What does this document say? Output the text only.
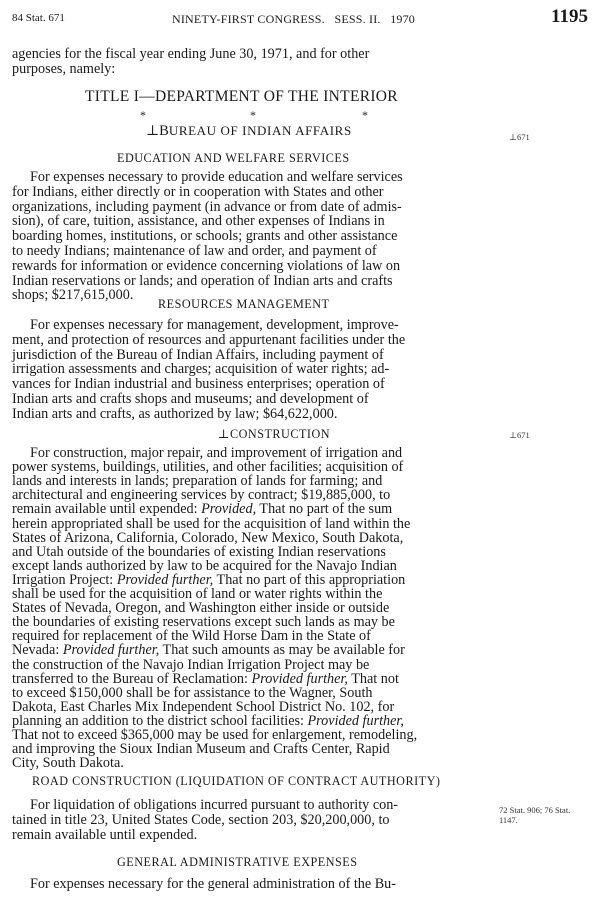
84 Stat. 671	NINETY-FIRST CONGRESS.   SESS. II.   1970	1195
agencies for the fiscal year ending June 30, 1971, and for other
purposes, namely:
TITLE I—DEPARTMENT OF THE INTERIOR
*	*	*
⊥BUREAU OF INDIAN AFFAIRS	⊥671
EDUCATION AND WELFARE SERVICES
For expenses necessary to provide education and welfare services
for Indians, either directly or in cooperation with States and other
organizations, including payment (in advance or from date of admis-
sion), of care, tuition, assistance, and other expenses of Indians in
boarding homes, institutions, or schools; grants and other assistance
to needy Indians; maintenance of law and order, and payment of
rewards for information or evidence concerning violations of law on
Indian reservations or lands; and operation of Indian arts and crafts
shops; $217,615,000.
RESOURCES MANAGEMENT
For expenses necessary for management, development, improve-
ment, and protection of resources and appurtenant facilities under the
jurisdiction of the Bureau of Indian Affairs, including payment of
irrigation assessments and charges; acquisition of water rights; ad-
vances for Indian industrial and business enterprises; operation of
Indian arts and crafts shops and museums; and development of
Indian arts and crafts, as authorized by law; $64,622,000.
⊥CONSTRUCTION	⊥671
For construction, major repair, and improvement of irrigation and
power systems, buildings, utilities, and other facilities; acquisition of
lands and interests in lands; preparation of lands for farming; and
architectural and engineering services by contract; $19,885,000, to
remain available until expended: Provided, That no part of the sum
herein appropriated shall be used for the acquisition of land within the
States of Arizona, California, Colorado, New Mexico, South Dakota,
and Utah outside of the boundaries of existing Indian reservations
except lands authorized by law to be acquired for the Navajo Indian
Irrigation Project: Provided further, That no part of this appropriation
shall be used for the acquisition of land or water rights within the
States of Nevada, Oregon, and Washington either inside or outside
the boundaries of existing reservations except such lands as may be
required for replacement of the Wild Horse Dam in the State of
Nevada: Provided further, That such amounts as may be available for
the construction of the Navajo Indian Irrigation Project may be
transferred to the Bureau of Reclamation: Provided further, That not
to exceed $150,000 shall be for assistance to the Wagner, South
Dakota, East Charles Mix Independent School District No. 102, for
planning an addition to the district school facilities: Provided further,
That not to exceed $365,000 may be used for enlargement, remodeling,
and improving the Sioux Indian Museum and Crafts Center, Rapid
City, South Dakota.
ROAD CONSTRUCTION (LIQUIDATION OF CONTRACT AUTHORITY)
72 Stat. 906; 76 Stat.
1147.
For liquidation of obligations incurred pursuant to authority con-
tained in title 23, United States Code, section 203, $20,200,000, to
remain available until expended.
GENERAL ADMINISTRATIVE EXPENSES
For expenses necessary for the general administration of the Bu-
